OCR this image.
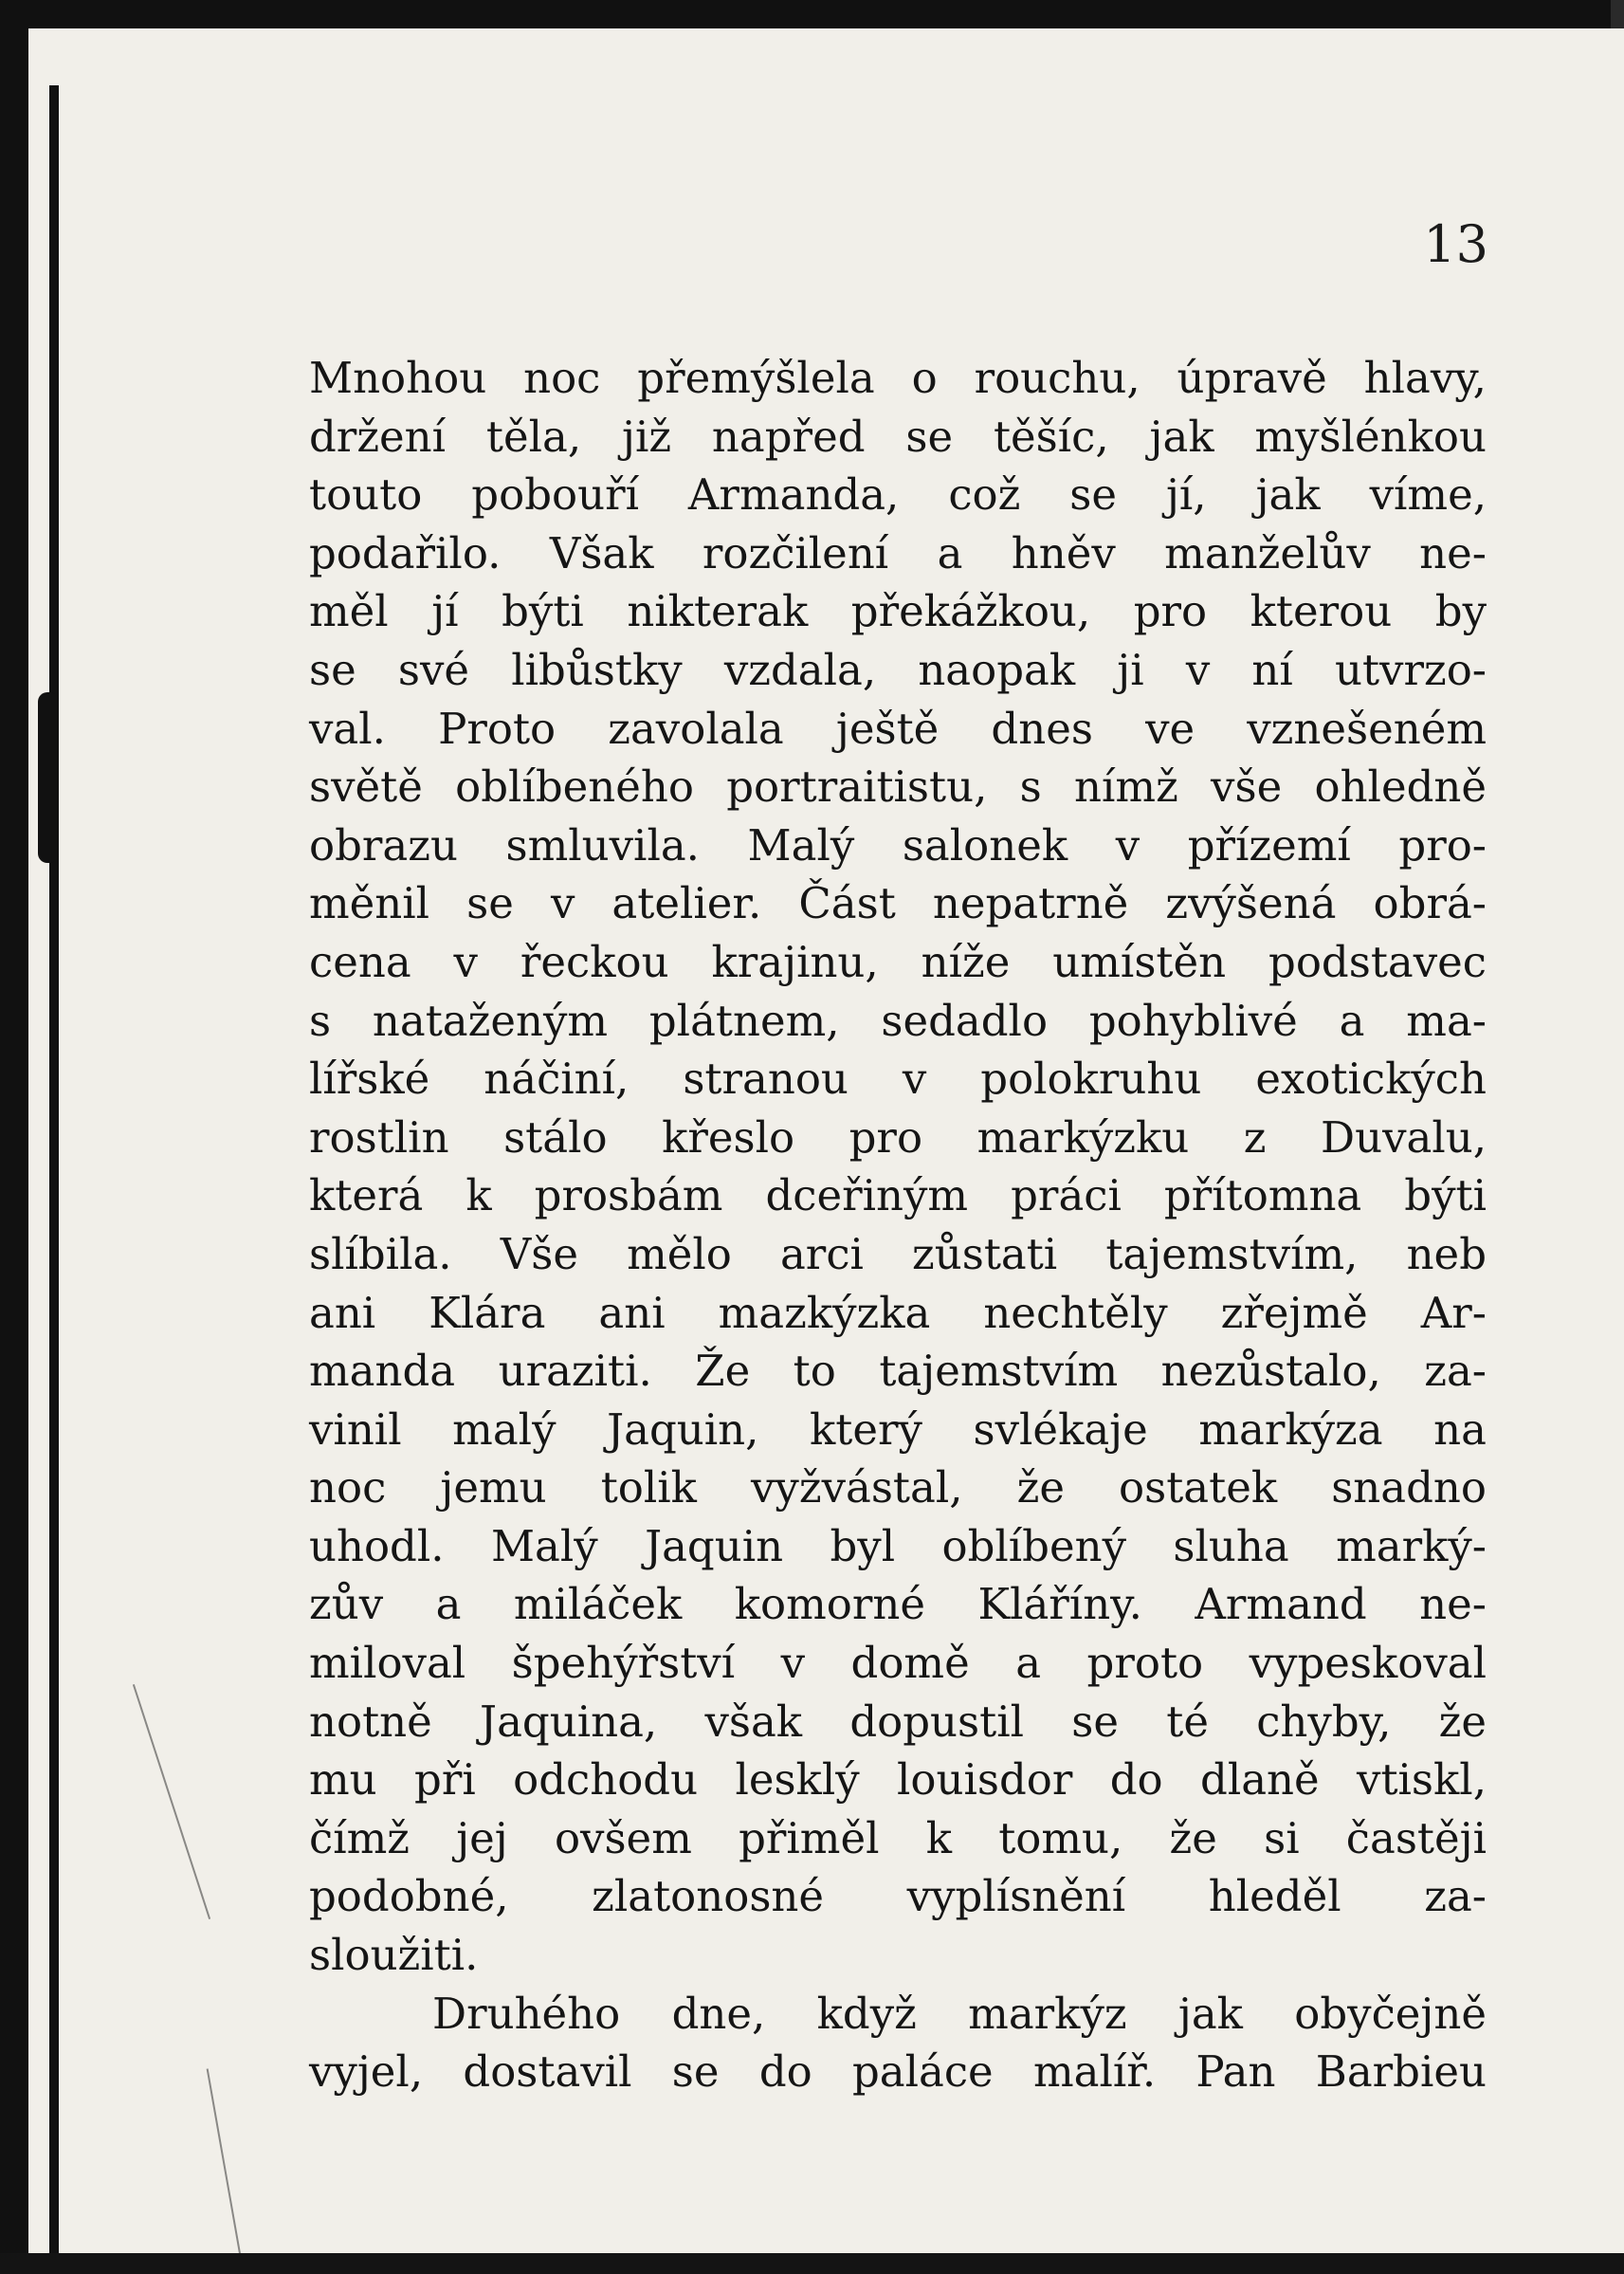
13
Mnohou noc přemýšlela o rouchu, úpravě hlavy,
držení těla, již napřed se těšíc, jak myšlénkou
touto pobouří Armanda, což se jí, jak víme,
podařilo. Však rozčilení a hněv manželův ne-
měl jí býti nikterak překážkou, pro kterou by
se své libůstky vzdala, naopak ji v ní utvrzo-
val. Proto zavolala ještě dnes ve vznešeném
světě oblíbeného portraitistu, s nímž vše ohledně
obrazu smluvila. Malý salonek v přízemí pro-
měnil se v atelier. Část nepatrně zvýšená obrá-
cena v řeckou krajinu, níže umístěn podstavec
s nataženým plátnem, sedadlo pohyblivé a ma-
lířské náčiní, stranou v polokruhu exotických
rostlin stálo křeslo pro markýzku z Duvalu,
která k prosbám dceřiným práci přítomna býti
slíbila. Vše mělo arci zůstati tajemstvím, neb
ani Klára ani mazkýzka nechtěly zřejmě Ar-
manda uraziti. Že to tajemstvím nezůstalo, za-
vinil malý Jaquin, který svlékaje markýza na
noc jemu tolik vyžvástal, že ostatek snadno
uhodl. Malý Jaquin byl oblíbený sluha marký-
zův a miláček komorné Kláříny. Armand ne-
miloval špehýřství v domě a proto vypeskoval
notně Jaquina, však dopustil se té chyby, že
mu při odchodu lesklý louisdor do dlaně vtiskl,
čímž jej ovšem přiměl k tomu, že si častěji
podobné, zlatonosné vyplísnění hleděl za-
sloužiti.
Druhého dne, když markýz jak obyčejně
vyjel, dostavil se do paláce malíř. Pan Barbieu
